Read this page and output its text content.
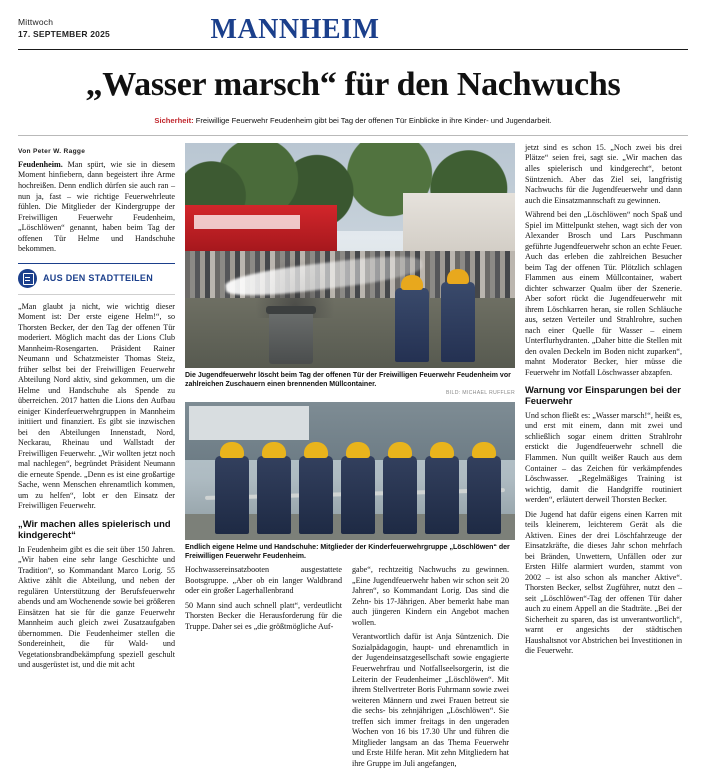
Mittwoch
17. SEPTEMBER 2025	MANNHEIM
„Wasser marsch“ für den Nachwuchs
Sicherheit: Freiwillige Feuerwehr Feudenheim gibt bei Tag der offenen Tür Einblicke in ihre Kinder- und Jugendarbeit.
Von Peter W. Ragge

Feudenheim. Man spürt, wie sie in diesem Moment hinfiebern, dann begeistert ihre Arme hochreißen. Denn endlich dürfen sie auch ran – nun ja, fast – wie richtige Feuerwehrleute fühlen. Die Mitglieder der Kindergruppe der Freiwilligen Feuerwehr Feudenheim, „Löschlöwen“ genannt, haben beim Tag der offenen Tür Helme und Handschuhe bekommen.

AUS DEN STADTTEILEN

„Man glaubt ja nicht, wie wichtig dieser Moment ist: Der erste eigene Helm!“, so Thorsten Becker, der den Tag der offenen Tür moderiert. Möglich macht das der Lions Club Mannheim-Rosengarten. Präsident Rainer Neumann und Schatzmeister Thomas Steiz, früher selbst bei der Freiwilligen Feuerwehr Abteilung Nord aktiv, sind gekommen, um die Helme und Handschuhe als Spende zu überreichen. 2017 hatten die Lions den Aufbau einiger Kinderfeuerwehrgruppen in Mannheim initiiert und finanziert. Es gibt sie inzwischen bei den Abteilungen Innenstadt, Nord, Neckarau, Rheinau und Wallstadt der Freiwilligen Feuerwehr. „Wir wollten jetzt noch mal nachlegen“, begründet Präsident Neumann die erneute Spende. „Denn es ist eine großartige Sache, wenn Menschen ehrenamtlich kommen, um zu helfen“, lobt er den Einsatz der Freiwilligen Feuerwehr.

„Wir machen alles spielerisch und kindgerecht“

In Feudenheim gibt es die seit über 150 Jahren. „Wir haben eine sehr lange Geschichte und Tradition“, so Kommandant Marco Lorig. 55 Aktive zählt die Abteilung, und neben der regulären Unterstützung der Berufsfeuerwehr abends und am Wochenende sowie bei größeren Einsätzen hat sie für die ganze Feuerwehr Mannheim auch gleich zwei Zusatzaufgaben übernommen. Die Feudenheimer stellen die Sondereinheit, die für Wald- und Vegetationsbrandbekämpfung speziell geschult und ausgerüstet ist, und die mit acht

Die Jugendfeuerwehr löscht beim Tag der offenen Tür der Freiwilligen Feuerwehr Feudenheim vor zahlreichen Zuschauern einen brennenden Müllcontainer.
BILD: MICHAEL RUFFLER
Endlich eigene Helme und Handschuhe: Mitglieder der Kinderfeuerwehrgruppe „Löschlöwen“ der Freiwilligen Feuerwehr Feudenheim.

Hochwassereinsatzbooten ausgestattete Bootsgruppe. „Aber ob ein langer Waldbrand oder ein großer Lagerhallenbrand

50 Mann sind auch schnell platt“, verdeutlicht Thorsten Becker die Herausforderung für die Truppe. Daher sei es „die größtmögliche Auf-

gabe“, rechtzeitig Nachwuchs zu gewinnen. „Eine Jugendfeuerwehr haben wir schon seit 20 Jahren“, so Kommandant Lorig. Das sind die Zehn- bis 17-Jährigen. Aber bemerkt habe man auch jüngeren Kindern ein Angebot machen wollen.

Verantwortlich dafür ist Anja Süntzenich. Die Sozialpädagogin, haupt- und ehrenamtlich in der Jugendeinsatzgesellschaft sowie engagierte Feuerwehrfrau und Notfallseelsorgerin, ist die Leiterin der Feudenheimer „Löschlöwen“. Mit ihrem Stellvertreter Boris Fuhrmann sowie zwei weiteren Männern und zwei Frauen betreut sie die sechs- bis zehnjährigen „Löschlöwen“. Sie treffen sich immer freitags in den ungeraden Wochen von 16 bis 17.30 Uhr und führen die Mitglieder langsam an das Thema Feuerwehr und Erste Hilfe heran. Mit zehn Mitgliedern hat ihre Gruppe im Juli angefangen,

jetzt sind es schon 15. „Noch zwei bis drei Plätze“ seien frei, sagt sie. „Wir machen das alles spielerisch und kindgerecht“, betont Süntzenich. Aber das Ziel sei, langfristig Nachwuchs für die Jugendfeuerwehr und dann auch die Einsatzmannschaft zu gewinnen.

Während bei den „Löschlöwen“ noch Spaß und Spiel im Mittelpunkt stehen, wagt sich der von Alexander Brosch und Lars Puschmann geführte Jugendfeuerwehr schon an echte Feuer. Auch das erleben die zahlreichen Besucher beim Tag der offenen Tür. Plötzlich schlagen Flammen aus einem Müllcontainer, wabert dichter schwarzer Qualm über der Szenerie. Aber sofort rückt die Jugendfeuerwehr mit ihrem Löschkarren heran, sie rollen Schläuche aus, setzen Verteiler und Strahlrohre, suchen nach einer Quelle für Wasser – einem Unterflurhydranten. „Daher bitte die Stellen mit den ovalen Deckeln im Boden nicht zuparken“, mahnt Moderator Becker, hier müsse die Feuerwehr im Notfall Löschwasser abzapfen.

Warnung vor Einsparungen bei der Feuerwehr

Und schon fließt es: „Wasser marsch!“, heißt es, und erst mit einem, dann mit zwei und schließlich sogar einem dritten Strahlrohr erstickt die Jugendfeuerwehr schnell die Flammen. Nun quillt weißer Rauch aus dem Container – das Zeichen für verkämpfendes Löschwasser. „Regelmäßiges Training ist wichtig, damit die Handgriffe routiniert werden“, erläutert derweil Thorsten Becker.

Die Jugend hat dafür eigens einen Karren mit teils kleinerem, leichterem Gerät als die Aktiven. Eines der drei Löschfahrzeuge der Einsatzkräfte, die dieses Jahr schon mehrfach bei Bränden, Unwettern, Unfällen oder zur Ersten Hilfe alarmiert wurden, stammt von 2002 – ist also schon als mancher Aktive“. Thorsten Becker, selbst Zugführer, nutzt den – seit „Löschlöwen“-Tag der offenen Tür daher auch zu einem Appell an die Stadträte. „Bei der Sicherheit zu sparen, das ist unverantwortlich“, warnt er angesichts der städtischen Haushaltsnot vor Abstrichen bei Investitionen in die Feuerwehr.
